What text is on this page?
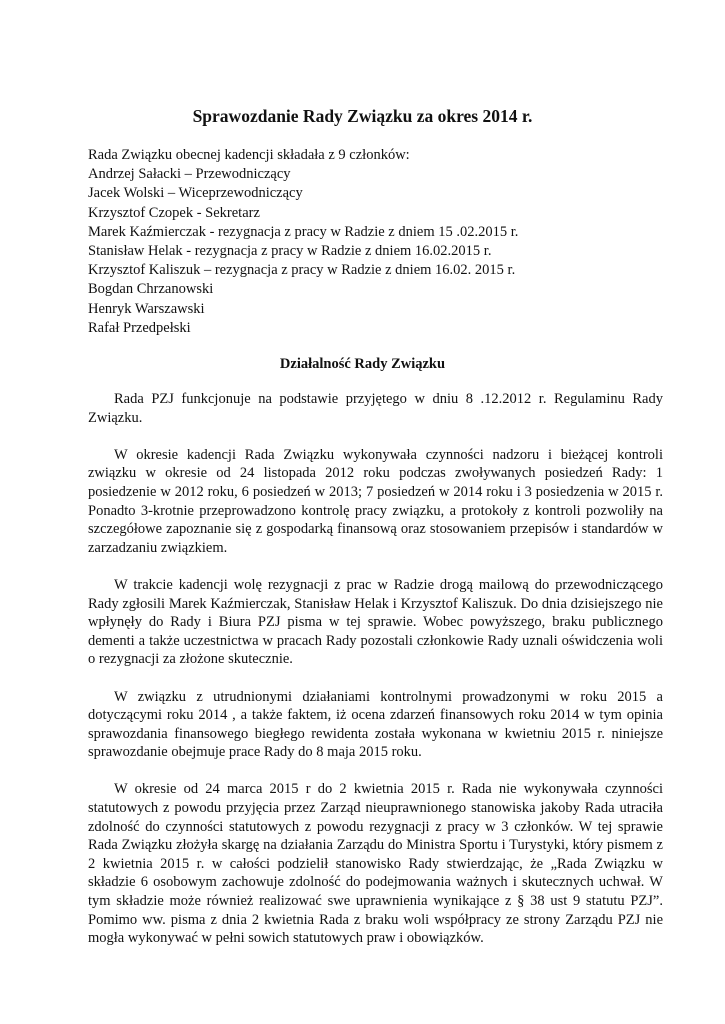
Sprawozdanie Rady Związku za okres 2014 r.
Rada Związku obecnej kadencji składała z 9 członków:
Andrzej Sałacki – Przewodniczący
Jacek Wolski – Wiceprzewodniczący
Krzysztof Czopek - Sekretarz
Marek Kaźmierczak - rezygnacja z pracy w Radzie z dniem 15 .02.2015 r.
Stanisław Helak - rezygnacja z pracy w Radzie z dniem 16.02.2015 r.
Krzysztof Kaliszuk – rezygnacja z pracy w Radzie z dniem 16.02. 2015 r.
Bogdan Chrzanowski
Henryk Warszawski
Rafał Przedpełski
Działalność Rady Związku

Rada PZJ funkcjonuje na podstawie przyjętego w dniu 8 .12.2012 r. Regulaminu Rady Związku.

W okresie kadencji Rada Związku wykonywała czynności nadzoru i bieżącej kontroli związku w okresie od 24 listopada 2012 roku podczas zwoływanych posiedzeń Rady: 1 posiedzenie w 2012 roku, 6 posiedzeń w 2013; 7 posiedzeń w 2014 roku i 3 posiedzenia w 2015 r. Ponadto 3-krotnie przeprowadzono kontrolę pracy związku, a protokoły z kontroli pozwoliły na szczegółowe zapoznanie się z gospodarką finansową oraz stosowaniem przepisów i standardów w zarzadzaniu związkiem.

W trakcie kadencji wolę rezygnacji z prac w Radzie drogą mailową do przewodniczącego Rady zgłosili Marek Kaźmierczak, Stanisław Helak i Krzysztof Kaliszuk. Do dnia dzisiejszego nie wpłynęły do Rady i Biura PZJ pisma w tej sprawie. Wobec powyższego, braku publicznego dementi a także uczestnictwa w pracach Rady pozostali członkowie Rady uznali oświdczenia woli o rezygnacji za złożone skutecznie.

W związku z utrudnionymi działaniami kontrolnymi prowadzonymi w roku 2015 a dotyczącymi roku 2014 , a także faktem, iż ocena zdarzeń finansowych roku 2014 w tym opinia sprawozdania finansowego biegłego rewidenta została wykonana w kwietniu 2015 r. niniejsze sprawozdanie obejmuje prace Rady do 8 maja 2015 roku.

W okresie od 24 marca 2015 r do 2 kwietnia 2015 r. Rada nie wykonywała czynności statutowych z powodu przyjęcia przez Zarząd nieuprawnionego stanowiska jakoby Rada utraciła zdolność do czynności statutowych z powodu rezygnacji z pracy w 3 członków. W tej sprawie Rada Związku złożyła skargę na działania Zarządu do Ministra Sportu i Turystyki, który pismem z 2 kwietnia 2015 r. w całości podzielił stanowisko Rady stwierdzając, że „Rada Związku w składzie 6 osobowym zachowuje zdolność do podejmowania ważnych i skutecznych uchwał. W tym składzie może również realizować swe uprawnienia wynikające z § 38 ust 9 statutu PZJ”. Pomimo ww. pisma z dnia 2 kwietnia Rada z braku woli współpracy ze strony Zarządu PZJ nie mogła wykonywać w pełni sowich statutowych praw i obowiązków.
